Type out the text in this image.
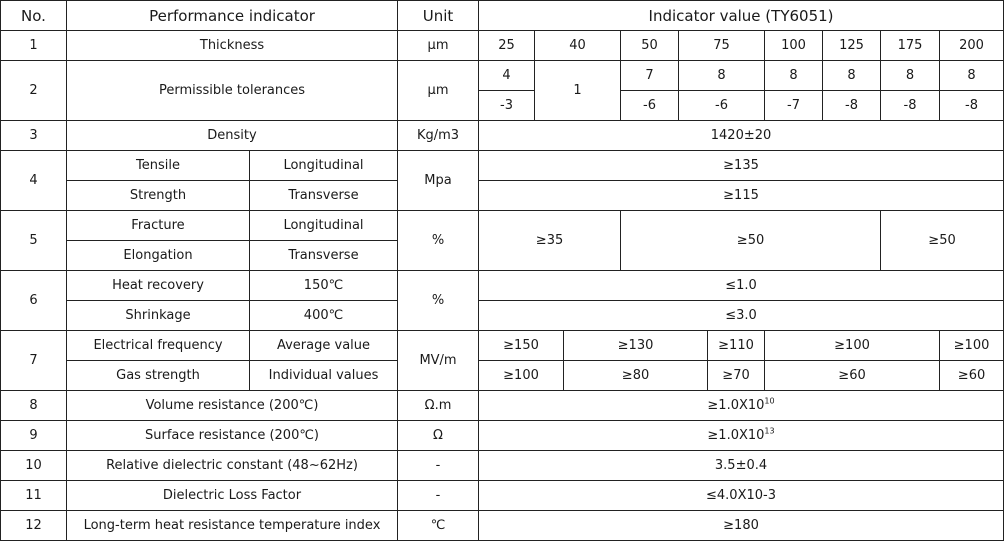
No.	Performance indicator		Unit	Indicator value (TY6051)									
1	Thickness		μm	25	40		50	75		100	125	175	200
2	Permissible tolerances		μm	4	1		7	8		8	8	8	8
				-3			-6	-6		-7	-8	-8	-8
3	Density		Kg/m3	1420±20									
4	Tensile	Longitudinal	Mpa	≥135									
	Strength	Transverse		≥115									
5	Fracture	Longitudinal	%	≥35			≥50					≥50	
	Elongation	Transverse											
6	Heat recovery	150℃	%	≤1.0									
	Shrinkage	400℃		≤3.0									
7	Electrical frequency	Average value	MV/m	≥150		≥130			≥110	≥100			≥100
	Gas strength	Individual values		≥100		≥80			≥70	≥60			≥60
8	Volume resistance (200℃)		Ω.m	$\ge 1.0X10^{10}$
9	Surface resistance (200℃)		Ω	$\ge 1.0X10^{13}$
10	Relative dielectric constant (48~62Hz)		-	3.5±0.4									
11	Dielectric Loss Factor		-	≤4.0X10-3									
12	Long-term heat resistance temperature index		℃	≥180									
